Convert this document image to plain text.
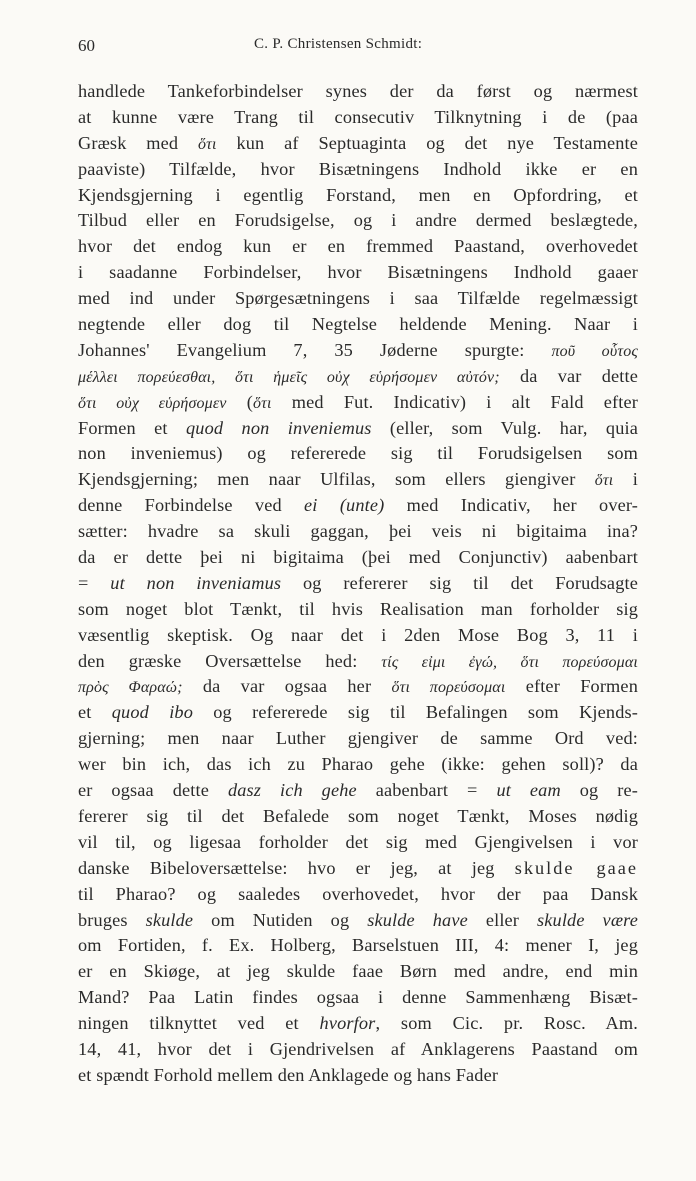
60	C. P. Christensen Schmidt:
handlede Tankeforbindelser synes der da først og nærmest
at kunne være Trang til consecutiv Tilknytning i de (paa
Græsk med ὅτι kun af Septuaginta og det nye Testamente
paaviste) Tilfælde, hvor Bisætningens Indhold ikke er en
Kjendsgjerning i egentlig Forstand, men en Opfordring, et
Tilbud eller en Forudsigelse, og i andre dermed beslægtede,
hvor det endog kun er en fremmed Paastand, overhovedet
i saadanne Forbindelser, hvor Bisætningens Indhold gaaer
med ind under Spørgesætningens i saa Tilfælde regelmæssigt
negtende eller dog til Negtelse heldende Mening. Naar i
Johannes' Evangelium 7, 35 Jøderne spurgte: ποῦ οὗτος
μέλλει πορεύεσθαι, ὅτι ἡμεῖς οὐχ εὑρήσομεν αὐτόν; da var dette
ὅτι οὐχ εὑρήσομεν (ὅτι med Fut. Indicativ) i alt Fald efter
Formen et quod non inveniemus (eller, som Vulg. har, quia
non inveniemus) og refererede sig til Forudsigelsen som
Kjendsgjerning; men naar Ulfilas, som ellers giengiver ὅτι i
denne Forbindelse ved ei (unte) med Indicativ, her over-
sætter: hvadre sa skuli gaggan, þei veis ni bigitaima ina?
da er dette þei ni bigitaima (þei med Conjunctiv) aabenbart
= ut non inveniamus og refererer sig til det Forudsagte
som noget blot Tænkt, til hvis Realisation man forholder sig
væsentlig skeptisk. Og naar det i 2den Mose Bog 3, 11 i
den græske Oversættelse hed: τίς εἰμι ἐγώ, ὅτι πορεύσομαι
πρὸς Φαραώ; da var ogsaa her ὅτι πορεύσομαι efter Formen
et quod ibo og refererede sig til Befalingen som Kjends-
gjerning; men naar Luther gjengiver de samme Ord ved:
wer bin ich, das ich zu Pharao gehe (ikke: gehen soll)? da
er ogsaa dette dasz ich gehe aabenbart = ut eam og re-
fererer sig til det Befalede som noget Tænkt, Moses nødig
vil til, og ligesaa forholder det sig med Gjengivelsen i vor
danske Bibeloversættelse: hvo er jeg, at jeg skulde gaae
til Pharao? og saaledes overhovedet, hvor der paa Dansk
bruges skulde om Nutiden og skulde have eller skulde være
om Fortiden, f. Ex. Holberg, Barselstuen III, 4: mener I, jeg
er en Skiøge, at jeg skulde faae Børn med andre, end min
Mand? Paa Latin findes ogsaa i denne Sammenhæng Bisæt-
ningen tilknyttet ved et hvorfor, som Cic. pr. Rosc. Am.
14, 41, hvor det i Gjendrivelsen af Anklagerens Paastand om
et spændt Forhold mellem den Anklagede og hans Fader
